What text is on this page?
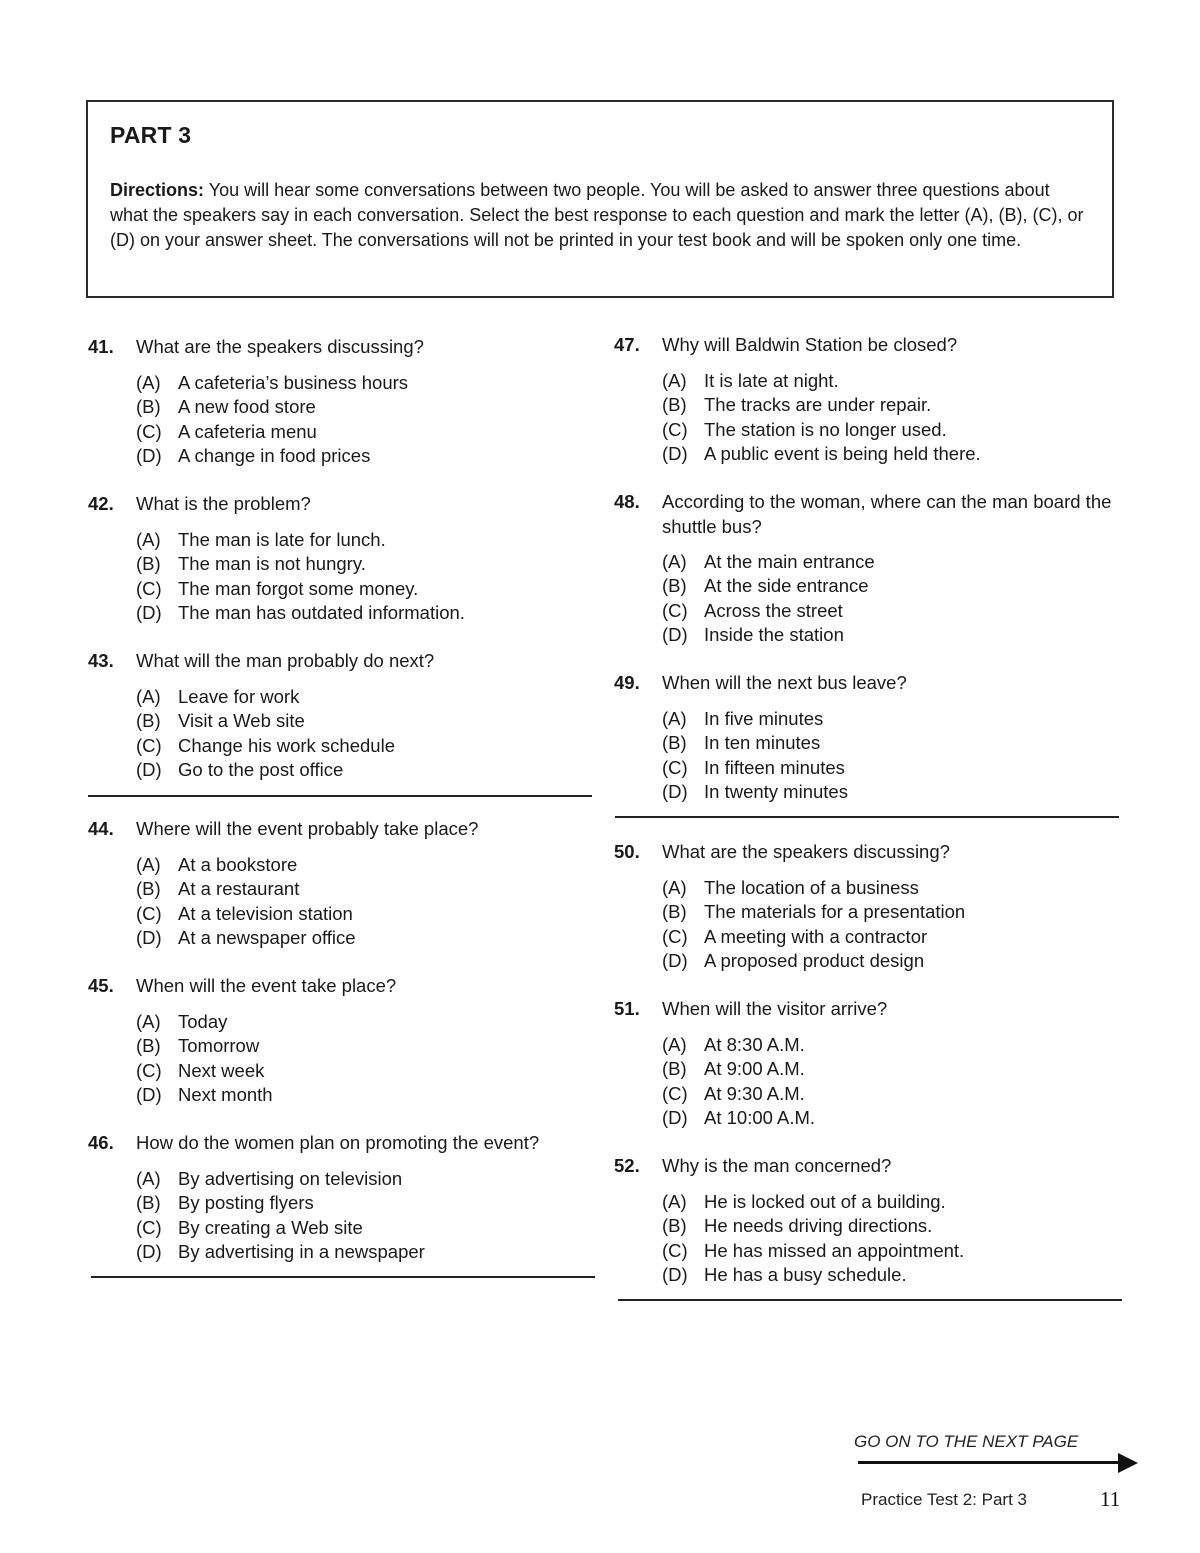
PART 3

Directions: You will hear some conversations between two people. You will be asked to answer three questions about what the speakers say in each conversation. Select the best response to each question and mark the letter (A), (B), (C), or (D) on your answer sheet. The conversations will not be printed in your test book and will be spoken only one time.

41. What are the speakers discussing?
(A) A cafeteria’s business hours
(B) A new food store
(C) A cafeteria menu
(D) A change in food prices
42. What is the problem?
(A) The man is late for lunch.
(B) The man is not hungry.
(C) The man forgot some money.
(D) The man has outdated information.
43. What will the man probably do next?
(A) Leave for work
(B) Visit a Web site
(C) Change his work schedule
(D) Go to the post office
44. Where will the event probably take place?
(A) At a bookstore
(B) At a restaurant
(C) At a television station
(D) At a newspaper office
45. When will the event take place?
(A) Today
(B) Tomorrow
(C) Next week
(D) Next month
46. How do the women plan on promoting the event?
(A) By advertising on television
(B) By posting flyers
(C) By creating a Web site
(D) By advertising in a newspaper
47. Why will Baldwin Station be closed?
(A) It is late at night.
(B) The tracks are under repair.
(C) The station is no longer used.
(D) A public event is being held there.
48. According to the woman, where can the man board the shuttle bus?
(A) At the main entrance
(B) At the side entrance
(C) Across the street
(D) Inside the station
49. When will the next bus leave?
(A) In five minutes
(B) In ten minutes
(C) In fifteen minutes
(D) In twenty minutes
50. What are the speakers discussing?
(A) The location of a business
(B) The materials for a presentation
(C) A meeting with a contractor
(D) A proposed product design
51. When will the visitor arrive?
(A) At 8:30 A.M.
(B) At 9:00 A.M.
(C) At 9:30 A.M.
(D) At 10:00 A.M.
52. Why is the man concerned?
(A) He is locked out of a building.
(B) He needs driving directions.
(C) He has missed an appointment.
(D) He has a busy schedule.
GO ON TO THE NEXT PAGE
Practice Test 2: Part 3	11
